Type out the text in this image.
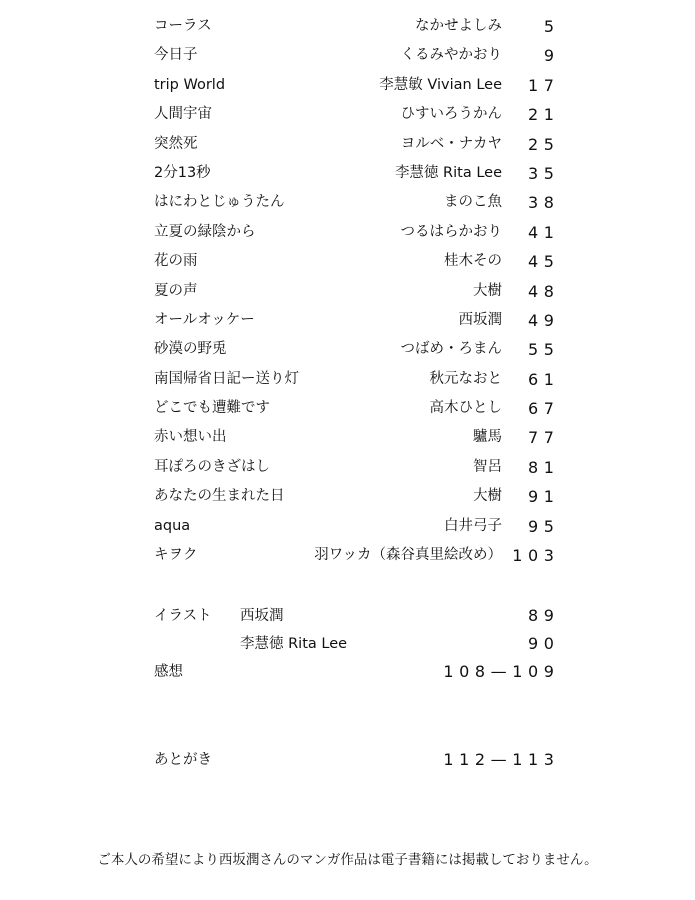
コーラス	なかせよしみ	5
今日子	くるみやかおり	9
trip World	李慧敏 Vivian Lee 17
人間宇宙	ひすいろうかん 21
突然死	ヨルベ・ナカヤ 25
2分13秒	李慧徳 Rita Lee 35
はにわとじゅうたん	まのこ魚 38
立夏の緑陰から	つるはらかおり 41
花の雨	桂木その 45
夏の声	大樹 48
オールオッケー	西坂潤 49
砂漠の野兎	つばめ・ろまん 55
南国帰省日記ー送り灯	秋元なおと 61
どこでも遭難です	高木ひとし 67
赤い想い出	驢馬 77
耳ぽろのきざはし	智呂 81
あなたの生まれた日	大樹 91
aqua	白井弓子 95
キヲク	羽ワッカ（森谷真里絵改め） 103
イラスト 西坂潤	89
李慧徳 Rita Lee	90
感想	108—109
あとがき	112—113
ご本人の希望により西坂潤さんのマンガ作品は電子書籍には掲載しておりません。
